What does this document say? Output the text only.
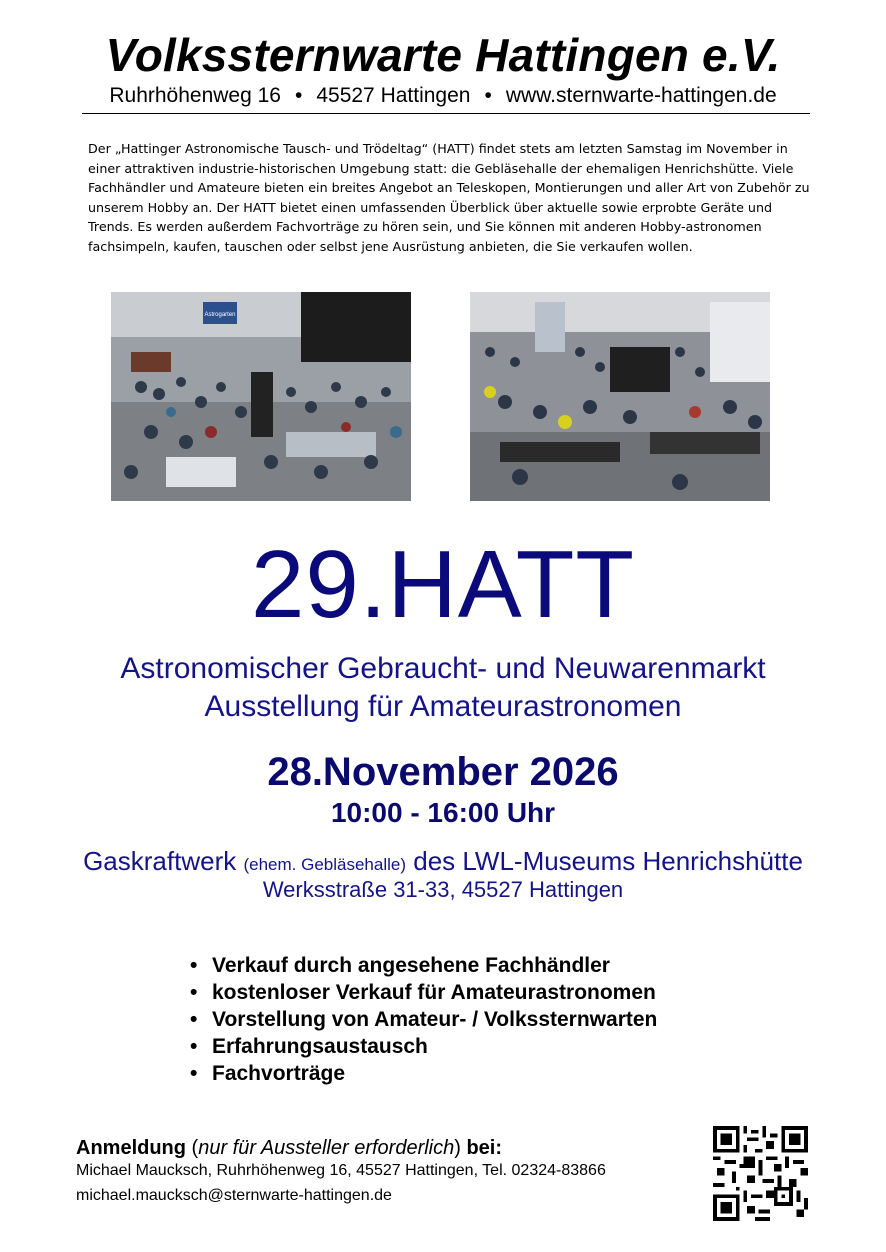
Volkssternwarte Hattingen e.V.
Ruhrhöhenweg 16 • 45527 Hattingen • www.sternwarte-hattingen.de
Der „Hattinger Astronomische Tausch- und Trödeltag“ (HATT) findet stets am letzten Samstag im November in einer attraktiven industrie-historischen Umgebung statt: die Gebläsehalle der ehemaligen Henrichshütte. Viele Fachhändler und Amateure bieten ein breites Angebot an Teleskopen, Montierungen und aller Art von Zubehör zu unserem Hobby an. Der HATT bietet einen umfassenden Überblick über aktuelle sowie erprobte Geräte und Trends. Es werden außerdem Fachvorträge zu hören sein, und Sie können mit anderen Hobby-astronomen fachsimpeln, kaufen, tauschen oder selbst jene Ausrüstung anbieten, die Sie verkaufen wollen.
Astrogarten
29.HATT
Astronomischer Gebraucht- und Neuwarenmarkt
Ausstellung für Amateurastronomen
28.November 2026
10:00 - 16:00 Uhr
Gaskraftwerk (ehem. Gebläsehalle) des LWL-Museums Henrichshütte
Werksstraße 31-33, 45527 Hattingen
• Verkauf durch angesehene Fachhändler
• kostenloser Verkauf für Amateurastronomen
• Vorstellung von Amateur- / Volkssternwarten
• Erfahrungsaustausch
• Fachvorträge
Anmeldung (nur für Aussteller erforderlich) bei:
Michael Maucksch, Ruhrhöhenweg 16, 45527 Hattingen, Tel. 02324-83866
michael.maucksch@sternwarte-hattingen.de
